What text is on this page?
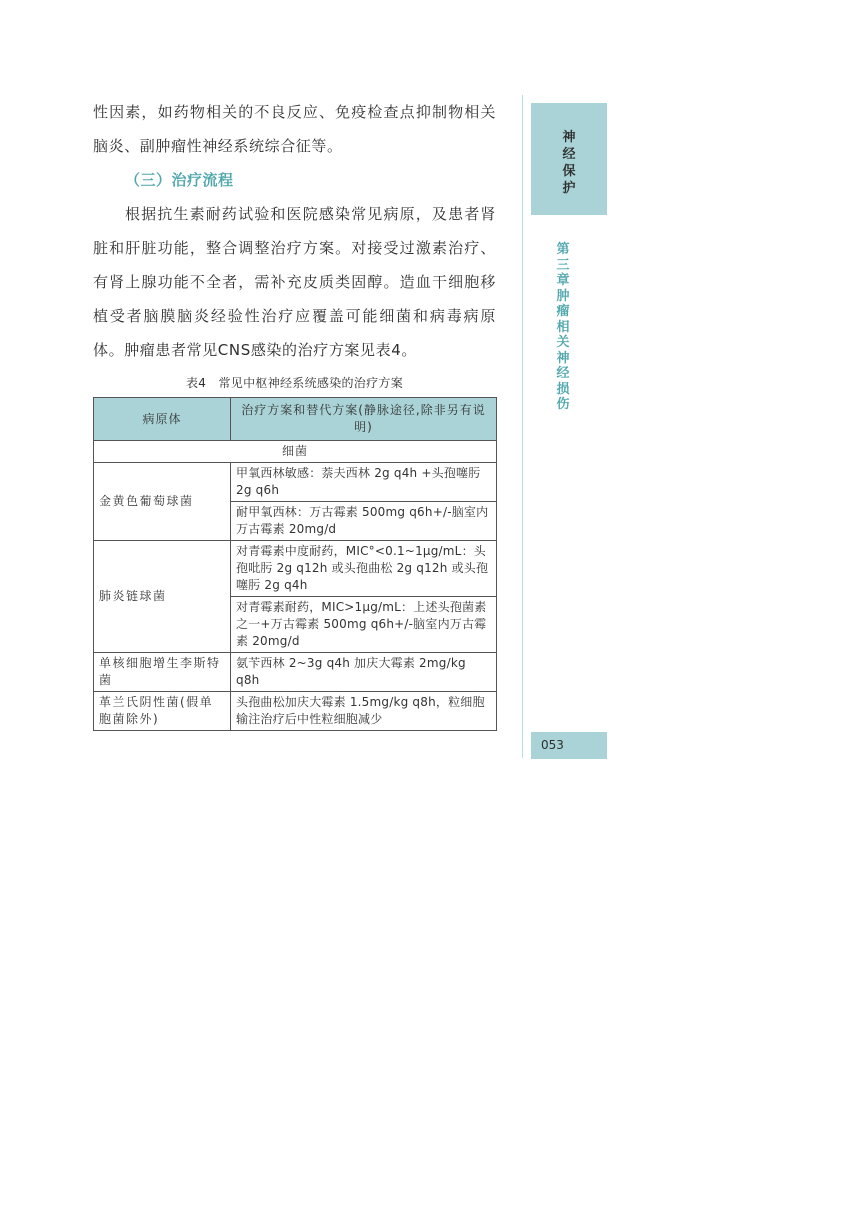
性因素，如药物相关的不良反应、免疫检查点抑制物相关脑炎、副肿瘤性神经系统综合征等。

（三）治疗流程

根据抗生素耐药试验和医院感染常见病原，及患者肾脏和肝脏功能，整合调整治疗方案。对接受过激素治疗、有肾上腺功能不全者，需补充皮质类固醇。造血干细胞移植受者脑膜脑炎经验性治疗应覆盖可能细菌和病毒病原体。肿瘤患者常见CNS感染的治疗方案见表4。

表4　常见中枢神经系统感染的治疗方案
病原体	治疗方案和替代方案(静脉途径,除非另有说明)
细菌	
金黄色葡萄球菌	甲氧西林敏感：萘夫西林 2g q4h +头孢噻肟 2g q6h
	耐甲氧西林：万古霉素 500mg q6h+/-脑室内万古霉素 20mg/d
肺炎链球菌	对青霉素中度耐药，MIC°<0.1~1μg/mL：头孢吡肟 2g q12h 或头孢曲松 2g q12h 或头孢噻肟 2g q4h
	对青霉素耐药，MIC>1μg/mL：上述头孢菌素之一+万古霉素 500mg q6h+/-脑室内万古霉素 20mg/d
单核细胞增生李斯特菌	氨苄西林 2~3g q4h 加庆大霉素 2mg/kg q8h
革兰氏阴性菌(假单胞菌除外)	头孢曲松加庆大霉素 1.5mg/kg q8h，粒细胞输注治疗后中性粒细胞减少
神经保护
第三章 肿瘤相关神经损伤
053
